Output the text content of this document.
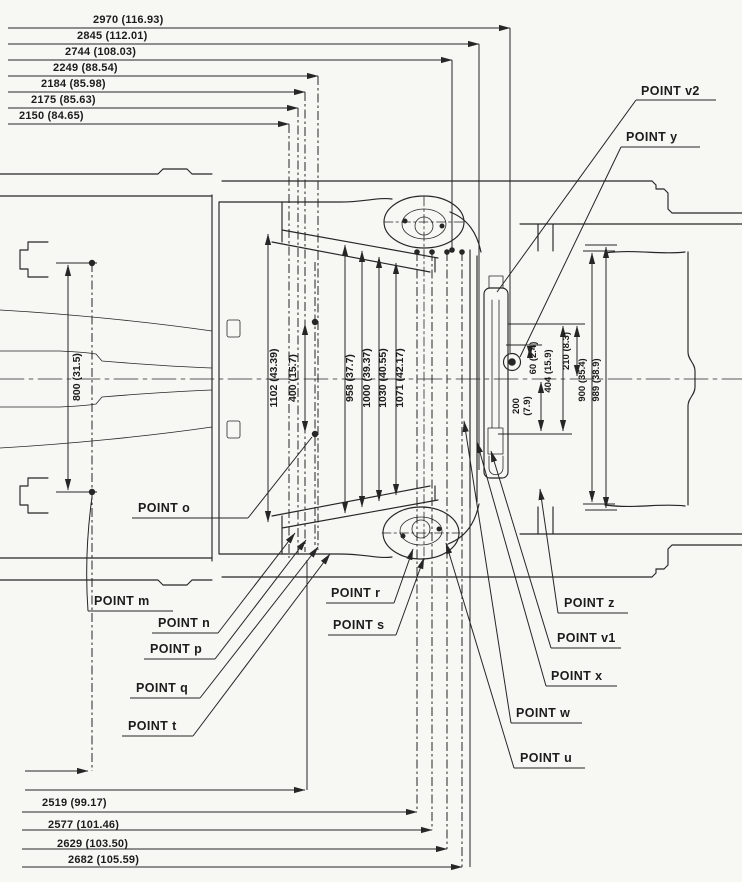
2970 (116.93)
2845 (112.01)
2744 (108.03)
2249 (88.54)
2184 (85.98)
2175 (85.63)
2150 (84.65)
2519 (99.17)
2577 (101.46)
2629 (103.50)
2682 (105.59)
800 (31.5)	1102 (43.39) 400 (15.7)	958 (37.7) 1000 (39.37) 1030 (40.55) 1071 (42.17)	60 (2.4) 210 (8.3)
200 (7.9)
404 (15.9) 900 (35.4) 989 (38.9)
POINT v2
POINT y
POINT o
POINT m
POINT n
POINT p
POINT q
POINT t
POINT r
POINT s
POINT z
POINT v1
POINT x
POINT w
POINT u
